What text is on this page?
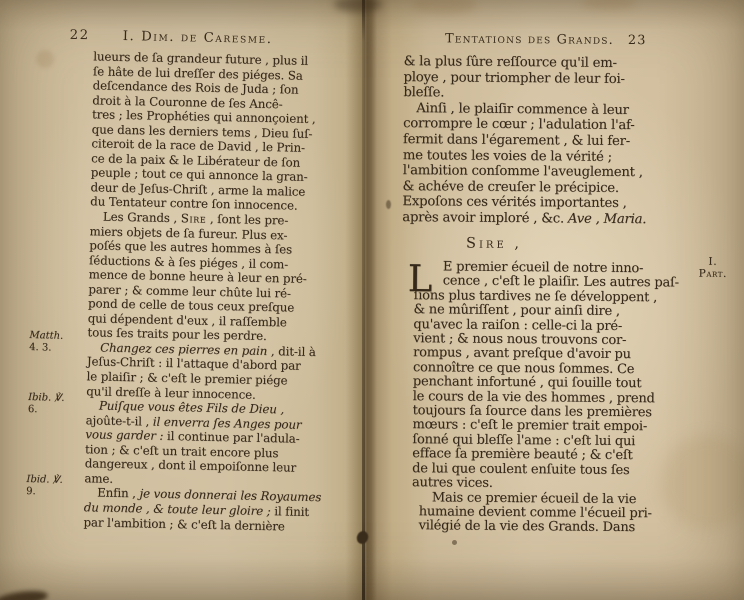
22	I. Dim. de Caresme.
lueurs de ſa grandeur future , plus il
ſe hâte de lui dreſſer des piéges. Sa
deſcendance des Rois de Juda ; ſon
droit à la Couronne de ſes Ancê-
tres ; les Prophéties qui annonçoient ,
que dans les derniers tems , Dieu ſuſ-
citeroit de la race de David , le Prin-
ce de la paix & le Libérateur de ſon
peuple ; tout ce qui annonce la gran-
deur de Jeſus-Chriſt , arme la malice
du Tentateur contre ſon innocence.
Les Grands , Sire , ſont les pre-
miers objets de ſa fureur. Plus ex-
poſés que les autres hommes à ſes
ſéductions & à ſes piéges , il com-
mence de bonne heure à leur en pré-
parer ; & comme leur chûte lui ré-
pond de celle de tous ceux preſque
qui dépendent d'eux , il raſſemble
tous ſes traits pour les perdre.
Changez ces pierres en pain , dit-il à
Jeſus-Chriſt : il l'attaque d'abord par
le plaiſir ; & c'eſt le premier piége
qu'il dreſſe à leur innocence.
Puiſque vous êtes Fils de Dieu ,
ajoûte-t-il , il enverra ſes Anges pour
vous garder : il continue par l'adula-
tion ; & c'eſt un trait encore plus
dangereux , dont il empoiſonne leur
ame.
Enfin , je vous donnerai les Royaumes
du monde , & toute leur gloire ; il finit
par l'ambition ; & c'eſt la dernière
Matth.
4. 3.
Ibib. ℣.
6.
Ibid. ℣.
9.
Tentations des Grands. 23
& la plus ſûre reſſource qu'il em-
ploye , pour triompher de leur foi-
bleſſe.
Ainſi , le plaiſir commence à leur
corrompre le cœur ; l'adulation l'af-
fermit dans l'égarement , & lui fer-
me toutes les voies de la vérité ;
l'ambition conſomme l'aveuglement ,
& achéve de creuſer le précipice.
Expoſons ces vérités importantes ,
après avoir imploré , &c. Ave , Maria.
Sire ,
L E premier écueil de notre inno-
cence , c'eſt le plaiſir. Les autres paſ-
ſions plus tardives ne ſe développent ,
& ne mûriſſent , pour ainſi dire ,
qu'avec la raiſon : celle-ci la pré-
vient ; & nous nous trouvons cor-
rompus , avant preſque d'avoir pu
connoître ce que nous ſommes. Ce
penchant infortuné , qui ſouille tout
le cours de la vie des hommes , prend
toujours ſa ſource dans les premières
mœurs : c'eſt le premier trait empoi-
ſonné qui bleſſe l'ame : c'eſt lui qui
efface ſa première beauté ; & c'eſt
de lui que coulent enſuite tous ſes
autres vices.
Mais ce premier écueil de la vie
humaine devient comme l'écueil pri-
vilégié de la vie des Grands. Dans
I.
Part.
